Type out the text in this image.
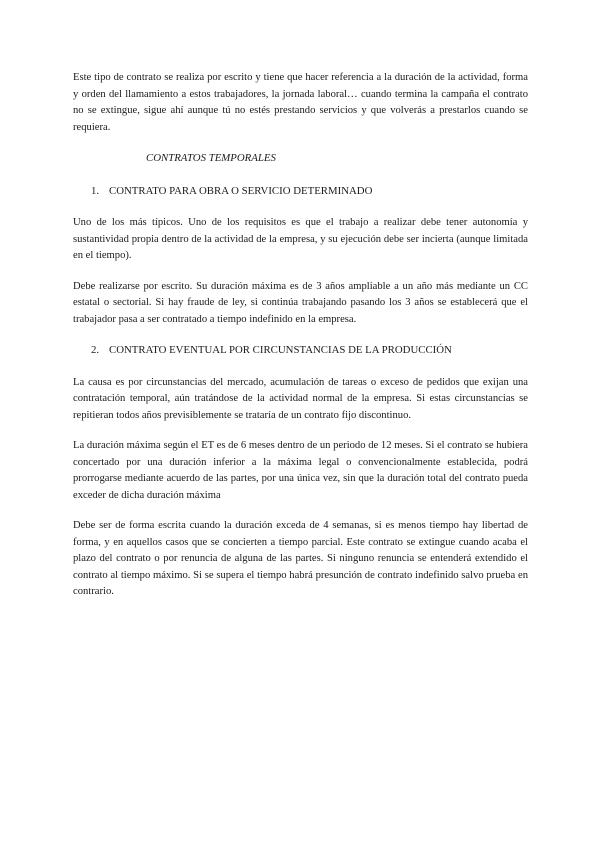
Este tipo de contrato se realiza por escrito y tiene que hacer referencia a la duración de la actividad, forma y orden del llamamiento a estos trabajadores, la jornada laboral… cuando termina la campaña el contrato no se extingue, sigue ahí aunque tú no estés prestando servicios y que volverás a prestarlos cuando se requiera.

CONTRATOS TEMPORALES
1. CONTRATO PARA OBRA O SERVICIO DETERMINADO

Uno de los más típicos. Uno de los requisitos es que el trabajo a realizar debe tener autonomía y sustantividad propia dentro de la actividad de la empresa, y su ejecución debe ser incierta (aunque limitada en el tiempo).

Debe realizarse por escrito. Su duración máxima es de 3 años ampliable a un año más mediante un CC estatal o sectorial. Si hay fraude de ley, si continúa trabajando pasando los 3 años se establecerá que el trabajador pasa a ser contratado a tiempo indefinido en la empresa.

2. CONTRATO EVENTUAL POR CIRCUNSTANCIAS DE LA PRODUCCIÓN

La causa es por circunstancias del mercado, acumulación de tareas o exceso de pedidos que exijan una contratación temporal, aún tratándose de la actividad normal de la empresa. Si estas circunstancias se repitieran todos años previsiblemente se trataría de un contrato fijo discontinuo.

La duración máxima según el ET es de 6 meses dentro de un periodo de 12 meses. Si el contrato se hubiera concertado por una duración inferior a la máxima legal o convencionalmente establecida, podrá prorrogarse mediante acuerdo de las partes, por una única vez, sin que la duración total del contrato pueda exceder de dicha duración máxima

Debe ser de forma escrita cuando la duración exceda de 4 semanas, si es menos tiempo hay libertad de forma, y en aquellos casos que se concierten a tiempo parcial. Este contrato se extingue cuando acaba el plazo del contrato o por renuncia de alguna de las partes. Si ninguno renuncia se entenderá extendido el contrato al tiempo máximo. Si se supera el tiempo habrá presunción de contrato indefinido salvo prueba en contrario.
